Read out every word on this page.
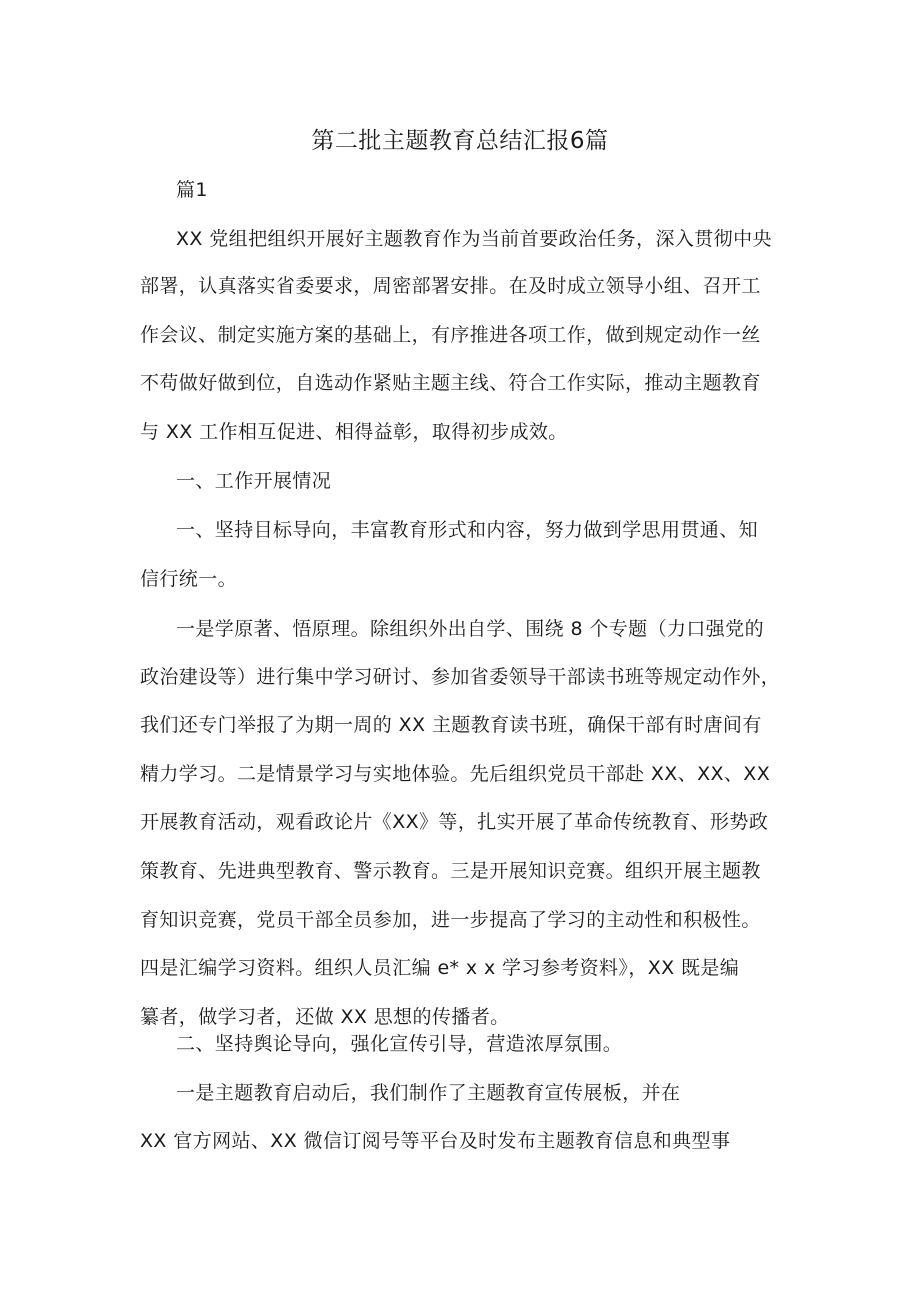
第二批主题教育总结汇报6篇
篇1
XX 党组把组织开展好主题教育作为当前首要政治任务，深入贯彻中央
部署，认真落实省委要求，周密部署安排。在及时成立领导小组、召开工
作会议、制定实施方案的基础上，有序推进各项工作，做到规定动作一丝
不苟做好做到位，自选动作紧贴主题主线、符合工作实际，推动主题教育
与 XX 工作相互促进、相得益彰，取得初步成效。
一、工作开展情况
一、坚持目标导向，丰富教育形式和内容，努力做到学思用贯通、知
信行统一。
一是学原著、悟原理。除组织外出自学、围绕 8 个专题（力口强党的
政治建设等）进行集中学习研讨、参加省委领导干部读书班等规定动作外，
我们还专门举报了为期一周的 XX 主题教育读书班，确保干部有时唐间有
精力学习。二是情景学习与实地体验。先后组织党员干部赴 XX、XX、XX
开展教育活动，观看政论片《XX》等，扎实开展了革命传统教育、形势政
策教育、先进典型教育、警示教育。三是开展知识竞赛。组织开展主题教
育知识竞赛，党员干部全员参加，进一步提高了学习的主动性和积极性。
四是汇编学习资料。组织人员汇编 e* x x 学习参考资料》，XX 既是编
纂者，做学习者，还做 XX 思想的传播者。
二、坚持舆论导向，强化宣传引导，营造浓厚氛围。
一是主题教育启动后，我们制作了主题教育宣传展板，并在
XX 官方网站、XX 微信订阅号等平台及时发布主题教育信息和典型事
